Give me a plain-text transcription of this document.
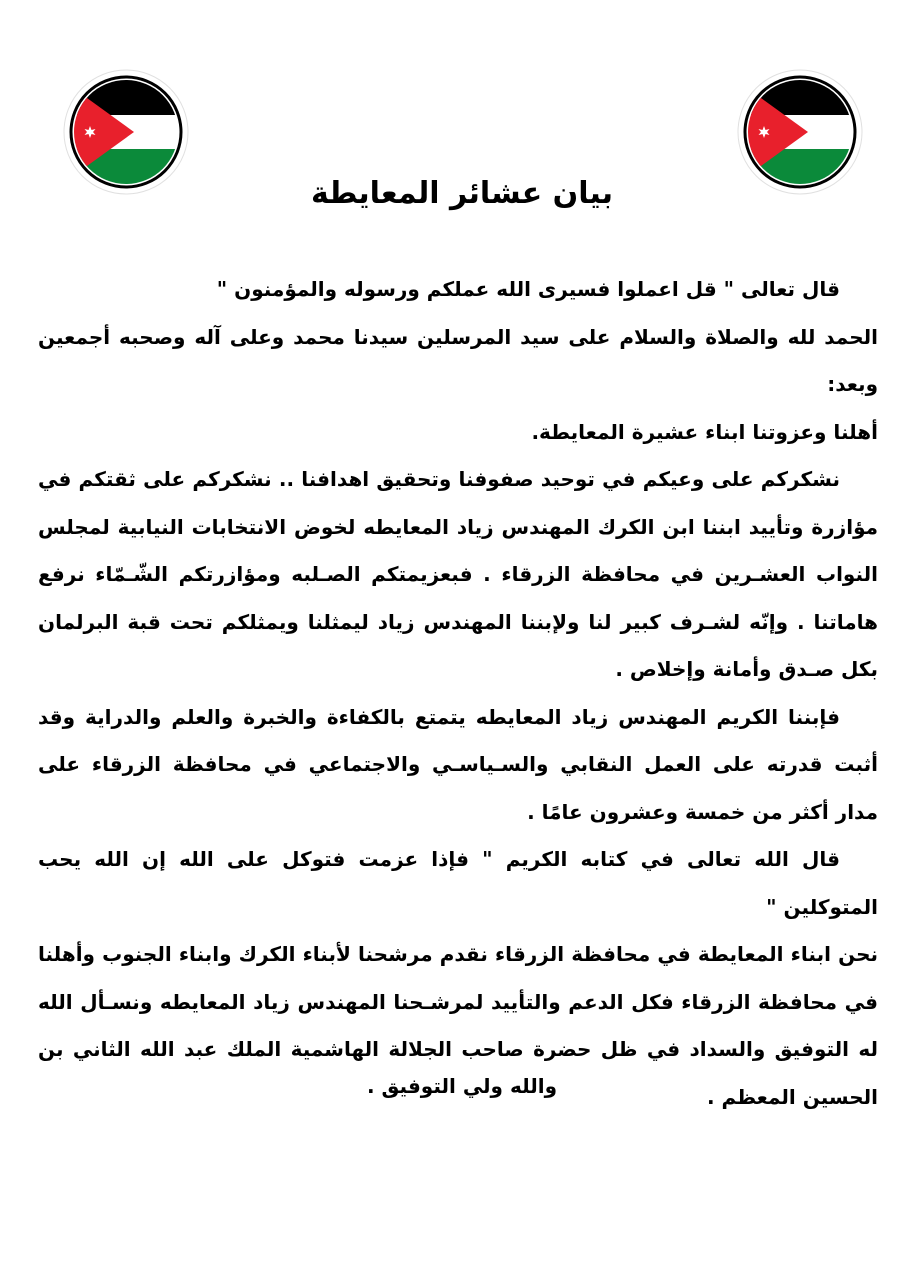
بيان عشائر المعايطة

قال تعالى " قل اعملوا فسيرى الله عملكم ورسوله والمؤمنون "

الحمد لله والصلاة والسلام على سيد المرسلين سيدنا محمد وعلى آله وصحبه أجمعين وبعد:

أهلنا وعزوتنا ابناء عشيرة المعايطة.

نشكركم على وعيكم في توحيد صفوفنا وتحقيق اهدافنا .. نشكركم على ثقتكم في مؤازرة وتأييد ابننا ابن الكرك المهندس زياد المعايطه لخوض الانتخابات النيابية لمجلس النواب العشـرين في محافظة الزرقاء . فبعزيمتكم الصـلبه ومؤازرتكم الشّـمّاء نرفع هاماتنا . وإنّه لشـرف كبير لنا ولإبننا المهندس زياد ليمثلنا ويمثلكم تحت قبة البرلمان بكل صـدق وأمانة وإخلاص .

فإبننا الكريم المهندس زياد المعايطه يتمتع بالكفاءة والخبرة والعلم والدراية وقد أثبت قدرته على العمل النقابي والسـياسـي والاجتماعي في محافظة الزرقاء على مدار أكثر من خمسة وعشرون عامًا .

قال الله تعالى في كتابه الكريم " فإذا عزمت فتوكل على الله إن الله يحب المتوكلين "

نحن ابناء المعايطة في محافظة الزرقاء نقدم مرشحنا لأبناء الكرك وابناء الجنوب وأهلنا في محافظة الزرقاء فكل الدعم والتأييد لمرشـحنا المهندس زياد المعايطه ونسـأل الله له التوفيق والسداد في ظل حضرة صاحب الجلالة الهاشمية الملك عبد الله الثاني بن الحسين المعظم .

والله ولي التوفيق .
